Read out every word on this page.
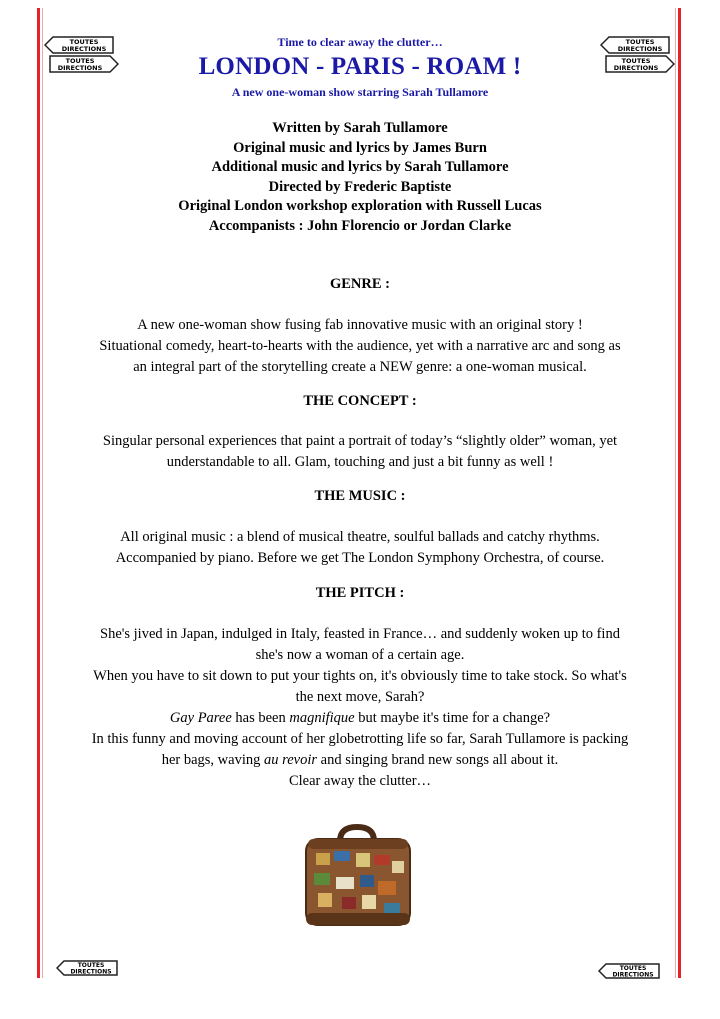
TOUTES
DIRECTIONS
TOUTES
DIRECTIONS
TOUTES
DIRECTIONS
TOUTES
DIRECTIONS
TOUTES
DIRECTIONS	TOUTES
DIRECTIONS
Time to clear away the clutter…
LONDON - PARIS - ROAM !
A new one-woman show starring Sarah Tullamore
Written by Sarah Tullamore
Original music and lyrics by James Burn
Additional music and lyrics by Sarah Tullamore
Directed by Frederic Baptiste
Original London workshop exploration with Russell Lucas
Accompanists : John Florencio or Jordan Clarke
GENRE :
A new one-woman show fusing fab innovative music with an original story !
Situational comedy, heart-to-hearts with the audience, yet with a narrative arc and song as
an integral part of the storytelling create a NEW genre: a one-woman musical.
THE CONCEPT :
Singular personal experiences that paint a portrait of today’s “slightly older” woman, yet
understandable to all. Glam, touching and just a bit funny as well !
THE MUSIC :
All original music : a blend of musical theatre, soulful ballads and catchy rhythms.
Accompanied by piano. Before we get The London Symphony Orchestra, of course.
THE PITCH :
She's jived in Japan, indulged in Italy, feasted in France… and suddenly woken up to find
she's now a woman of a certain age.
When you have to sit down to put your tights on, it's obviously time to take stock. So what's
the next move, Sarah?
Gay Paree has been magnifique but maybe it's time for a change?
In this funny and moving account of her globetrotting life so far, Sarah Tullamore is packing
her bags, waving au revoir and singing brand new songs all about it.
Clear away the clutter…
